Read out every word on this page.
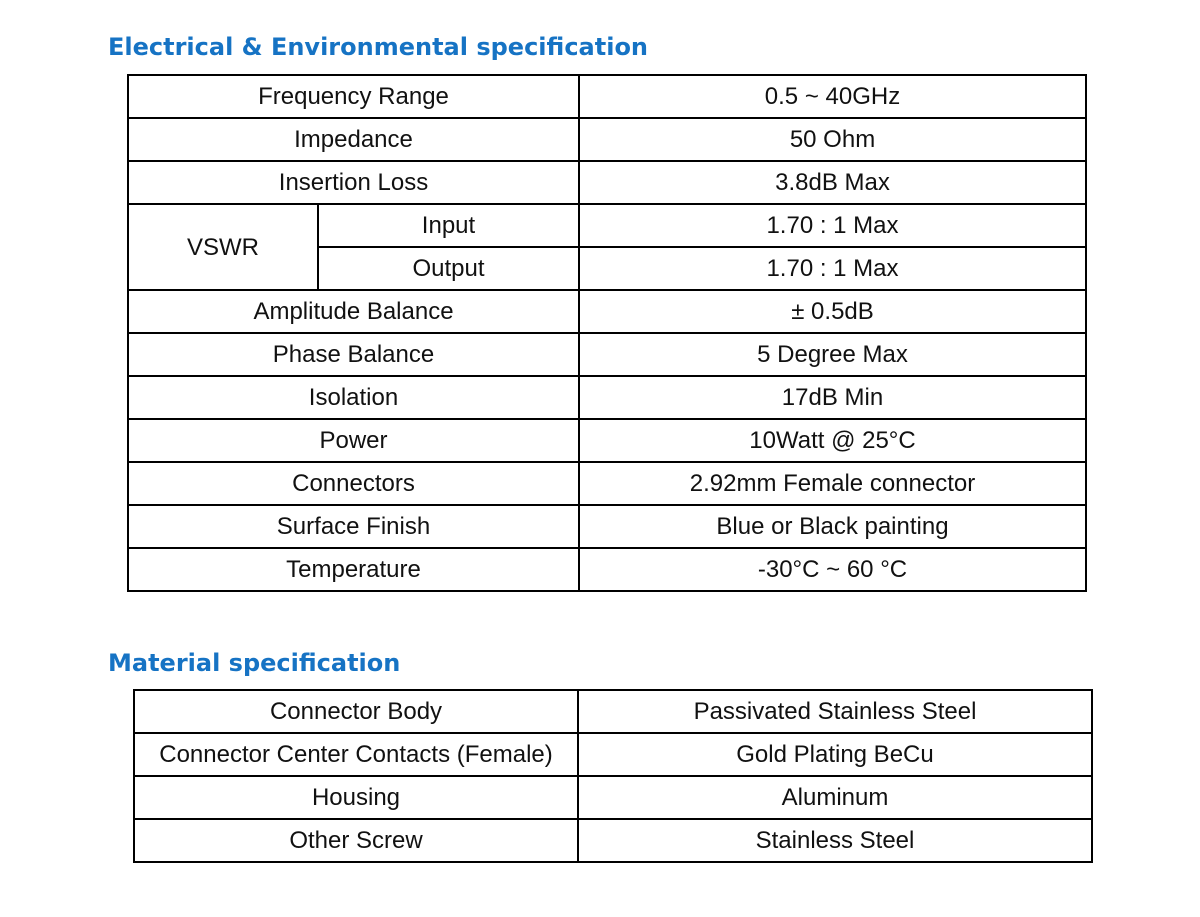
Electrical & Environmental specification
Frequency Range		0.5 ~ 40GHz
Impedance		50 Ohm
Insertion Loss		3.8dB Max
VSWR	Input	1.70 : 1 Max
	Output	1.70 : 1 Max
Amplitude Balance		± 0.5dB
Phase Balance		5 Degree Max
Isolation		17dB Min
Power		10Watt @ 25°C
Connectors		2.92mm Female connector
Surface Finish		Blue or Black painting
Temperature		-30°C ~ 60 °C
Material specification
Connector Body	Passivated Stainless Steel
Connector Center Contacts (Female)	Gold Plating BeCu
Housing	Aluminum
Other Screw	Stainless Steel
